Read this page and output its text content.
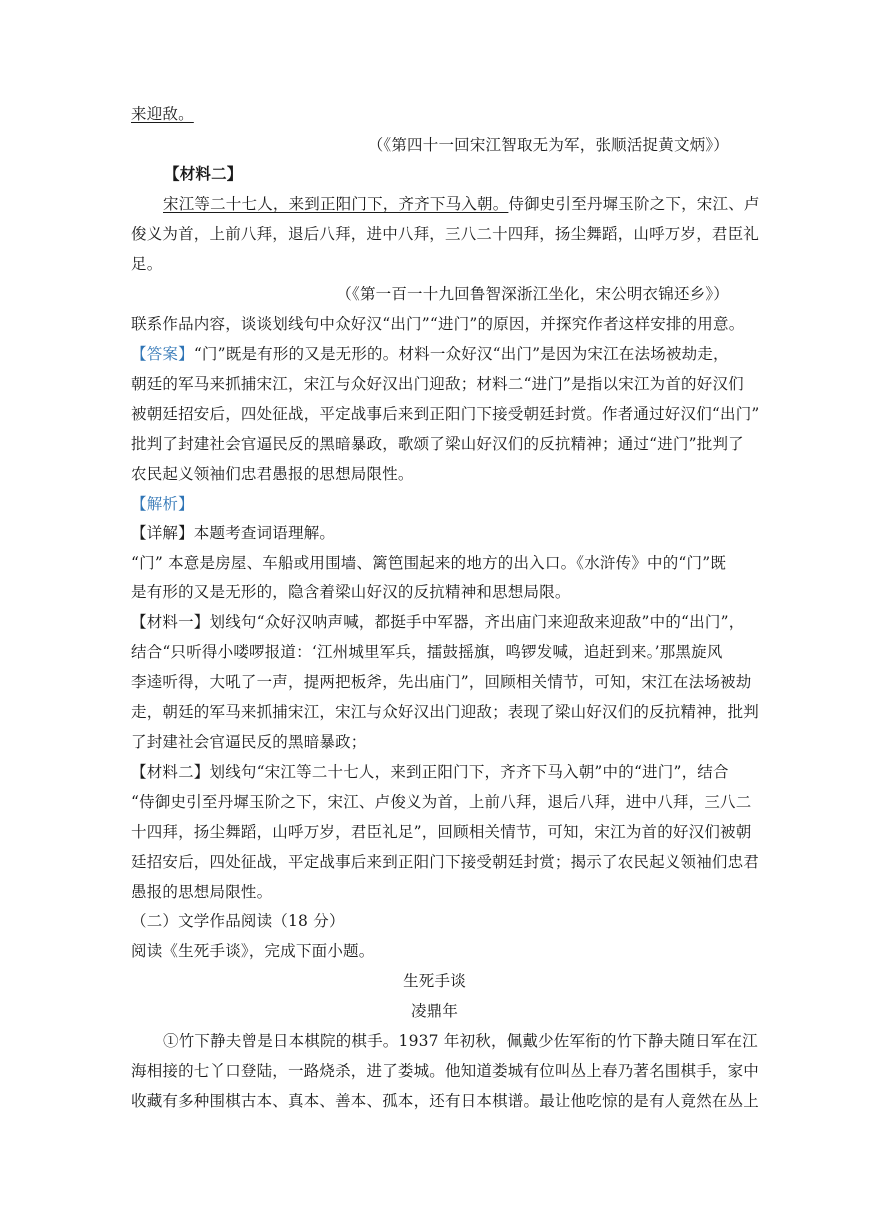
来迎敌。
（《第四十一回宋江智取无为军，张顺活捉黄文炳》）
【材料二】
宋江等二十七人，来到正阳门下，齐齐下马入朝。侍御史引至丹墀玉阶之下，宋江、卢
俊义为首，上前八拜，退后八拜，进中八拜，三八二十四拜，扬尘舞蹈，山呼万岁，君臣礼
足。
（《第一百一十九回鲁智深浙江坐化，宋公明衣锦还乡》）
联系作品内容，谈谈划线句中众好汉“出门”“进门”的原因，并探究作者这样安排的用意。
【答案】“门”既是有形的又是无形的。材料一众好汉“出门”是因为宋江在法场被劫走，
朝廷的军马来抓捕宋江，宋江与众好汉出门迎敌；材料二“进门”是指以宋江为首的好汉们
被朝廷招安后，四处征战，平定战事后来到正阳门下接受朝廷封赏。作者通过好汉们“出门”
批判了封建社会官逼民反的黑暗暴政，歌颂了梁山好汉们的反抗精神；通过“进门”批判了
农民起义领袖们忠君愚报的思想局限性。
【解析】
【详解】本题考查词语理解。
“门” 本意是房屋、车船或用围墙、篱笆围起来的地方的出入口。《水浒传》中的“门”既
是有形的又是无形的，隐含着梁山好汉的反抗精神和思想局限。
【材料一】划线句“众好汉呐声喊，都挺手中军器，齐出庙门来迎敌来迎敌”中的“出门”，
结合“只听得小喽啰报道：‘江州城里军兵，擂鼓摇旗，鸣锣发喊，追赶到来。’那黑旋风
李逵听得，大吼了一声，提两把板斧，先出庙门”，回顾相关情节，可知，宋江在法场被劫
走，朝廷的军马来抓捕宋江，宋江与众好汉出门迎敌；表现了梁山好汉们的反抗精神，批判
了封建社会官逼民反的黑暗暴政；
【材料二】划线句“宋江等二十七人，来到正阳门下，齐齐下马入朝”中的“进门”，结合
“侍御史引至丹墀玉阶之下，宋江、卢俊义为首，上前八拜，退后八拜，进中八拜，三八二
十四拜，扬尘舞蹈，山呼万岁，君臣礼足”，回顾相关情节，可知，宋江为首的好汉们被朝
廷招安后，四处征战，平定战事后来到正阳门下接受朝廷封赏；揭示了农民起义领袖们忠君
愚报的思想局限性。
（二）文学作品阅读（18 分）
阅读《生死手谈》，完成下面小题。
生死手谈
凌鼎年
①竹下静夫曾是日本棋院的棋手。1937 年初秋，佩戴少佐军衔的竹下静夫随日军在江
海相接的七丫口登陆，一路烧杀，进了娄城。他知道娄城有位叫丛上春乃著名围棋手，家中
收藏有多种围棋古本、真本、善本、孤本，还有日本棋谱。最让他吃惊的是有人竟然在丛上
